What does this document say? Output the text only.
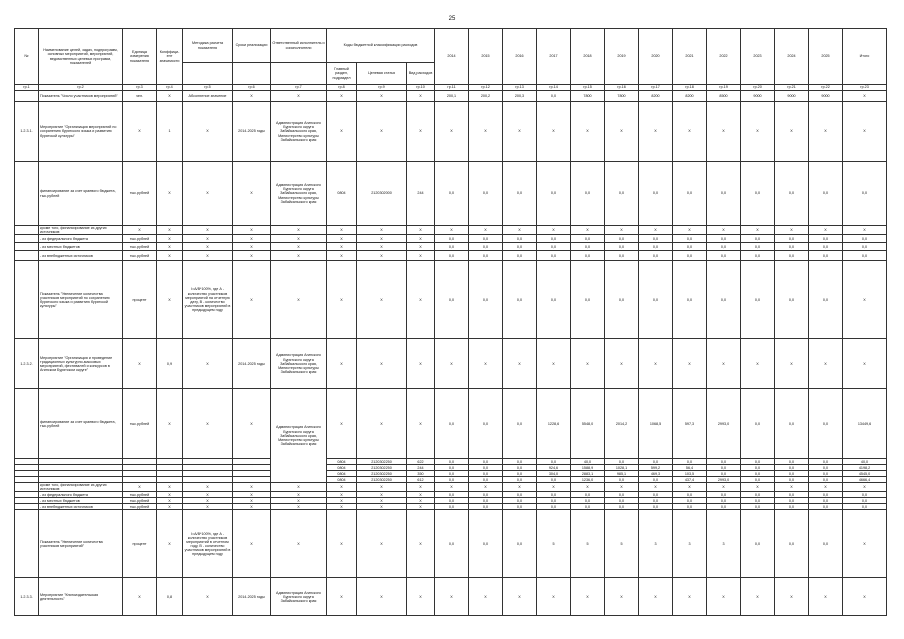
25
№	Наименование целей, задач, подпрограмм, основных мероприятий, мероприятий, ведомственных целевых программ, показателей	Единица измерения показателя	Коэффици-ент значимости	Методика расчета показателя	Сроки реализации	Ответственный исполнитель и соисполнители	Коды бюджетной классификации расходов			2014	2015	2016	2017	2018	2019	2020	2021	2022	2023	2024	2025	Итого
							Главный раздел, подраздел	Целевая статья	Вид расходов													
гр.1	гр.2	гр.3	гр.4	гр.5	гр.6	гр.7	гр.8	гр.9	гр.10	гр.11	гр.12	гр.13	гр.14	гр.15	гр.16	гр.17	гр.18	гр.19	гр.20	гр.21	гр.22	гр.23
	Показатель "Число участников мероприятий"	чел.	X	Абсолютное значение	X	X	X	X	X	200,1	200,2	200,3	0,0	7800	7800	8200	8200	8500	9000	9000	9000	X
1.2.3.1.	Мероприятие "Организация мероприятий по сохранению бурятского языка и развитию бурятской культуры"	X	1	X	2014-2025 годы	Администрация Агинского Бурятского округа Забайкальского края, Министерство культуры Забайкальского края	X	X	X	X	X	X	X	X	X	X	X	X	X	X	X	X
	финансирование за счет краевого бюджета, тыс.рублей	тыс.рублей	X	X	X	Администрация Агинского Бурятского округа Забайкальского края, Министерство культуры Забайкальского края	0804	2120302000	244	0,0	0,0	0,0	0,0	0,0	0,0	0,0	0,0	0,0	0,0	0,0	0,0	0,0
	кроме того, финансирование из других источников:	X	X	X	X	X	X	X	X	X	X	X	X	X	X	X	X	X	X	X	X	X
	- из федерального бюджета	тыс.рублей	X	X	X	X	X	X	X	0,0	0,0	0,0	0,0	0,0	0,0	0,0	0,0	0,0	0,0	0,0	0,0	0,0
	- из местных бюджетов	тыс.рублей	X	X	X	X	X	X	X	0,0	0,0	0,0	0,0	0,0	0,0	0,0	0,0	0,0	0,0	0,0	0,0	0,0
	- из внебюджетных источников	тыс.рублей	X	X	X	X	X	X	X	0,0	0,0	0,0	0,0	0,0	0,0	0,0	0,0	0,0	0,0	0,0	0,0	0,0
	Показатель "Увеличение количества участников мероприятий по сохранению бурятского языка и развитию бурятской культуры"	процент	X	I=A/B*100%, где А - количество участников мероприятий на отчетную дату, В - количество участников мероприятий в предыдущем году	X	X	X	X	X	0,0	0,0	0,0	0,0	0,0	0,0	0,0	0,0	0,0	0,0	0,0	0,0	X
1.2.3.2.	Мероприятие "Организация и проведение традиционных культурно-массовых мероприятий, фестивалей и конкурсов в Агинском Бурятском округе"	X	0,9	X	2014-2025 годы	Администрация Агинского Бурятского округа Забайкальского края, Министерство культуры Забайкальского края	X	X	X	X	X	X	X	X	X	X	X	X	X	X	X	X
	финансирование за счет краевого бюджета, тыс.рублей	тыс.рублей	X	X	X	Администрация Агинского Бурятского округа Забайкальского края, Министерство культуры Забайкальского края	X	X	X	0,0	0,0	0,0	1228,6	5548,0	2014,2	1068,5	597,3	2993,0	0,0	0,0	0,0	13449,6
							0804	2120302250	622	0,0	0,0	0,0	0,0	40,0	0,0	0,0	0,0	0,0	0,0	0,0	0,0	40,0
							0804	2120302250	244	0,0	0,0	0,0	924,6	1588,9	1028,1	599,2	56,4	0,0	0,0	0,0	0,0	4198,2
							0804	2120302250	350	0,0	0,0	0,0	304,0	2883,1	985,1	469,3	103,5	0,0	0,0	0,0	0,0	4545,0
							0804	2120302250	612	0,0	0,0	0,0	0,0	1236,0	0,0	0,0	437,4	2993,0	0,0	0,0	0,0	4666,4
	кроме того, финансирование из других источников:	X	X	X	X	X	X	X	X	X	X	X	X	X	X	X	X	X	X	X	X	X
	- из федерального бюджета	тыс.рублей	X	X	X	X	X	X	X	0,0	0,0	0,0	0,0	0,0	0,0	0,0	0,0	0,0	0,0	0,0	0,0	0,0
	- из местных бюджетов	тыс.рублей	X	X	X	X	X	X	X	0,0	0,0	0,0	0,0	0,0	0,0	0,0	0,0	0,0	0,0	0,0	0,0	0,0
	- из внебюджетных источников	тыс.рублей	X	X	X	X	X	X	X	0,0	0,0	0,0	0,0	0,0	0,0	0,0	0,0	0,0	0,0	0,0	0,0	0,0
	Показатель "Увеличение количества участников мероприятий"	процент	X	I=A/B*100%, где А - количество участников мероприятий в отчетном году, В - количество участников мероприятий в предыдущем году	X	X	X	X	X	0,0	0,0	0,0	5	5	5	3	3	3	0,0	0,0	0,0	X
1.2.3.3.	Мероприятие "Книгоиздательская деятельность"	X	0,8	X	2014-2025 годы	Администрация Агинского Бурятского округа Забайкальского края	X	X	X	X	X	X	X	X	X	X	X	X	X	X	X	X
